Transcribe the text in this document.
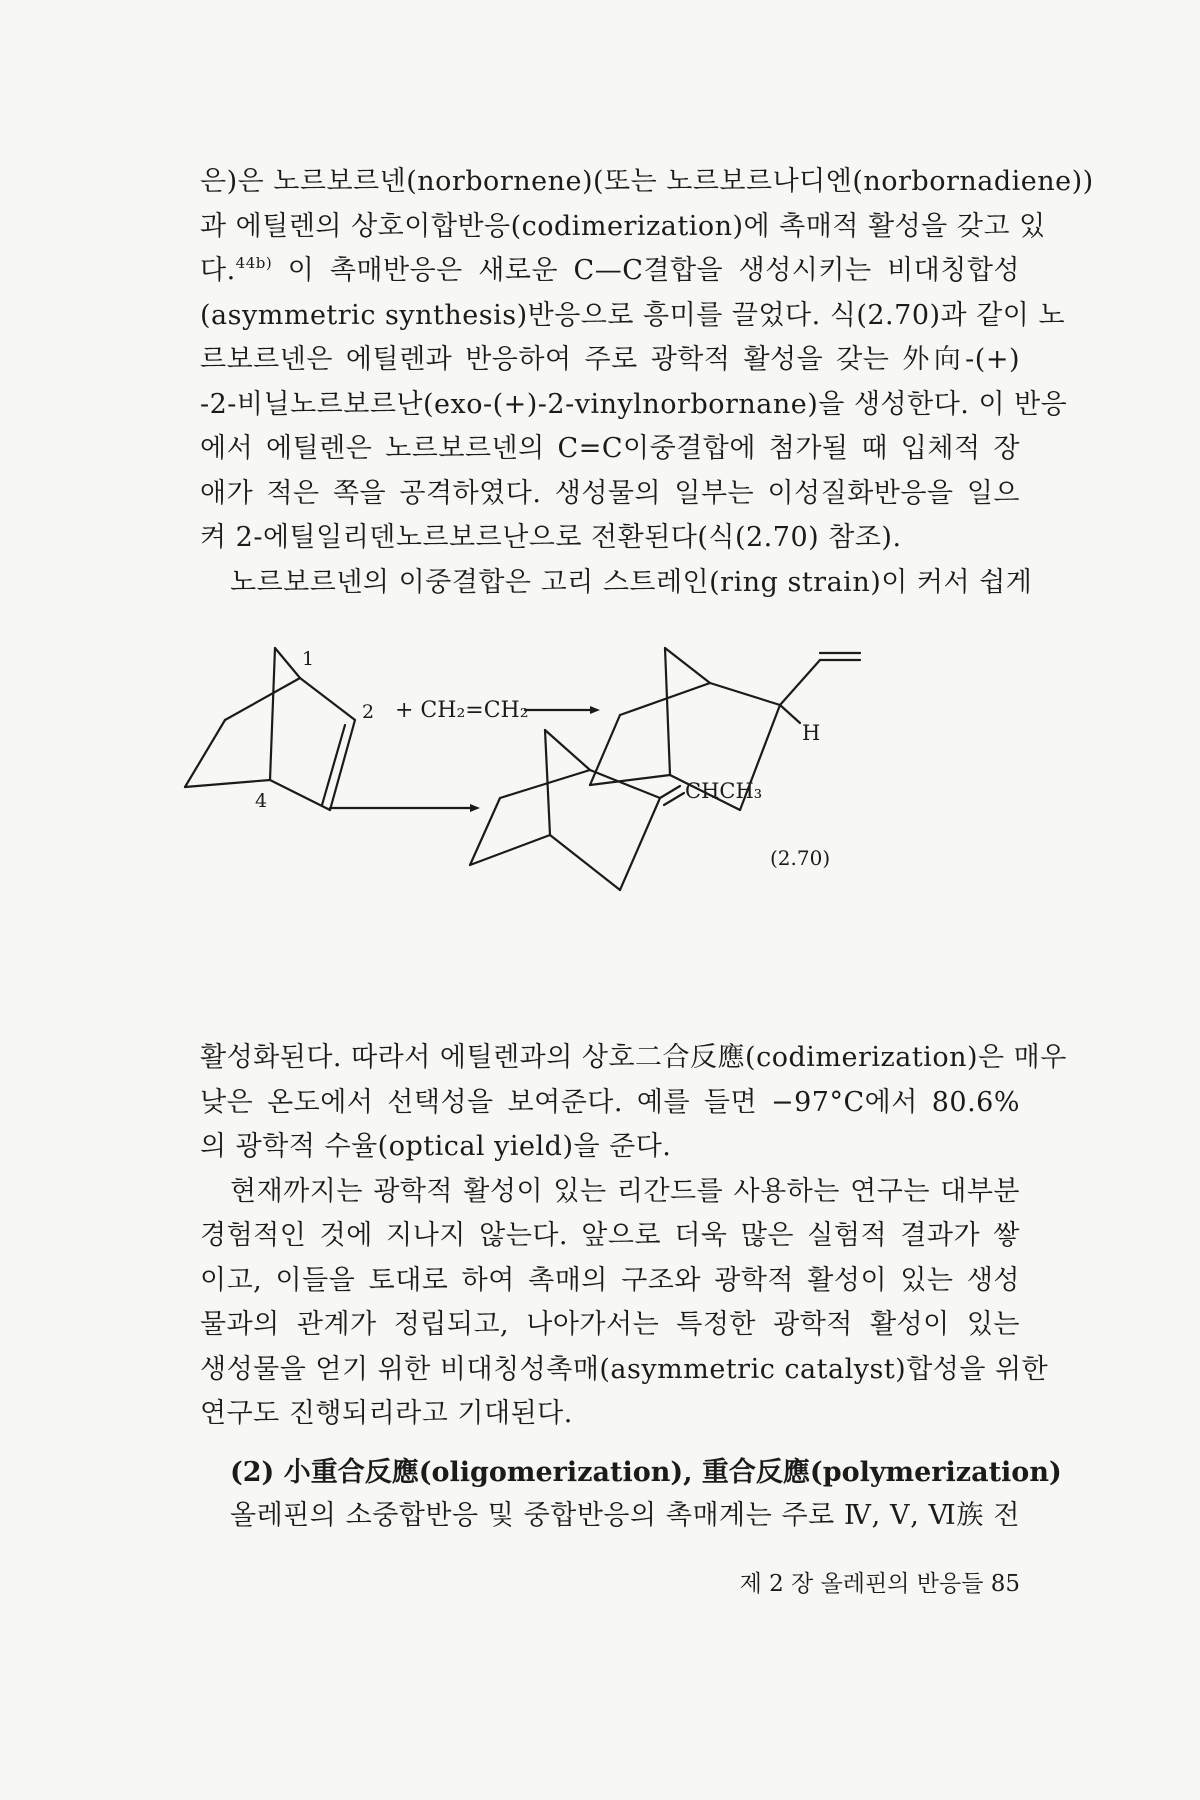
은)은 노르보르넨(norbornene)(또는 노르보르나디엔(norbornadiene))
과 에틸렌의 상호이합반응(codimerization)에 촉매적 활성을 갖고 있
다.$^{44b)}$ 이 촉매반응은 새로운 C—C결합을 생성시키는 비대칭합성
(asymmetric synthesis)반응으로 흥미를 끌었다. 식(2.70)과 같이 노
르보르넨은 에틸렌과 반응하여 주로 광학적 활성을 갖는 外向-(+)
-2-비닐노르보르난(exo-(+)-2-vinylnorbornane)을 생성한다. 이 반응
에서 에틸렌은 노르보르넨의 C=C이중결합에 첨가될 때 입체적 장
애가 적은 쪽을 공격하였다. 생성물의 일부는 이성질화반응을 일으
켜 2-에틸일리덴노르보르난으로 전환된다(식(2.70) 참조).
노르보르넨의 이중결합은 고리 스트레인(ring strain)이 커서 쉽게
1
2
4
+ CH₂=CH₂
H
CHCH₃
(2.70)
활성화된다. 따라서 에틸렌과의 상호二合反應(codimerization)은 매우
낮은 온도에서 선택성을 보여준다. 예를 들면 −97°C에서 80.6%
의 광학적 수율(optical yield)을 준다.
현재까지는 광학적 활성이 있는 리간드를 사용하는 연구는 대부분
경험적인 것에 지나지 않는다. 앞으로 더욱 많은 실험적 결과가 쌓
이고, 이들을 토대로 하여 촉매의 구조와 광학적 활성이 있는 생성
물과의 관계가 정립되고, 나아가서는 특정한 광학적 활성이 있는
생성물을 얻기 위한 비대칭성촉매(asymmetric catalyst)합성을 위한
연구도 진행되리라고 기대된다.
(2) 小重合反應(oligomerization), 重合反應(polymerization)
올레핀의 소중합반응 및 중합반응의 촉매계는 주로 Ⅳ, Ⅴ, Ⅵ族 전
제 2 장 올레핀의 반응들 85
